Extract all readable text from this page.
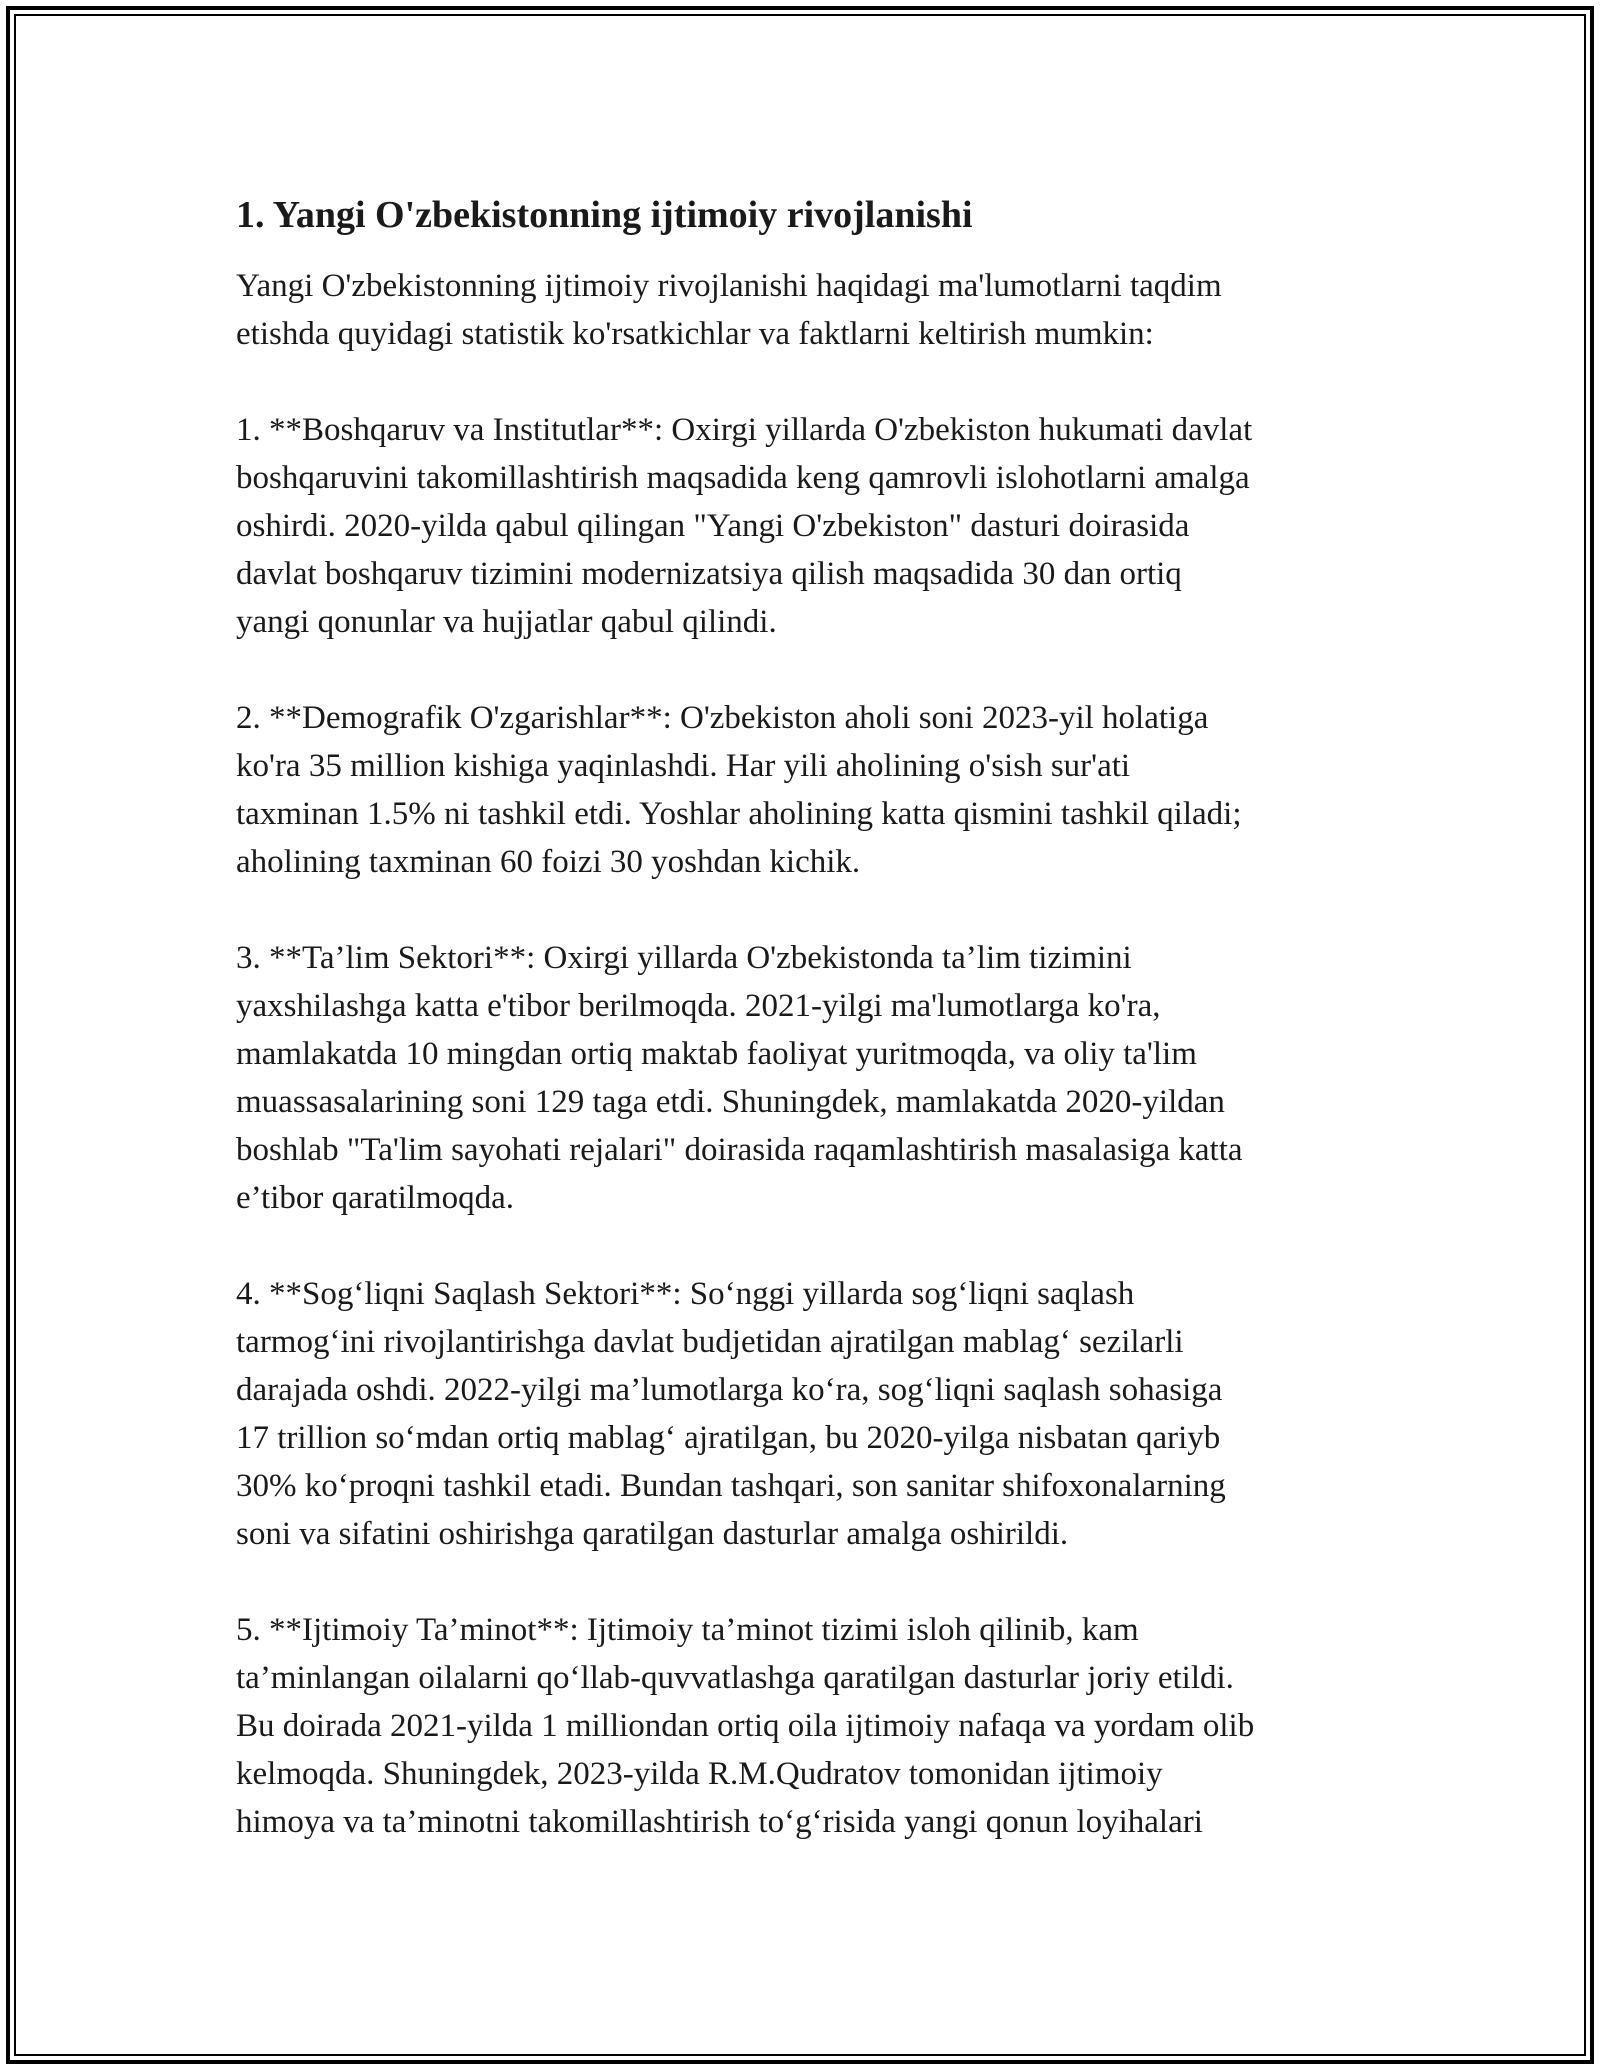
1. Yangi O'zbekistonning ijtimoiy rivojlanishi

Yangi O'zbekistonning ijtimoiy rivojlanishi haqidagi ma'lumotlarni taqdim
etishda quyidagi statistik ko'rsatkichlar va faktlarni keltirish mumkin:

1. **Boshqaruv va Institutlar**: Oxirgi yillarda O'zbekiston hukumati davlat
boshqaruvini takomillashtirish maqsadida keng qamrovli islohotlarni amalga
oshirdi. 2020-yilda qabul qilingan "Yangi O'zbekiston" dasturi doirasida
davlat boshqaruv tizimini modernizatsiya qilish maqsadida 30 dan ortiq
yangi qonunlar va hujjatlar qabul qilindi.

2. **Demografik O'zgarishlar**: O'zbekiston aholi soni 2023-yil holatiga
ko'ra 35 million kishiga yaqinlashdi. Har yili aholining o'sish sur'ati
taxminan 1.5% ni tashkil etdi. Yoshlar aholining katta qismini tashkil qiladi;
aholining taxminan 60 foizi 30 yoshdan kichik.

3. **Ta’lim Sektori**: Oxirgi yillarda O'zbekistonda ta’lim tizimini
yaxshilashga katta e'tibor berilmoqda. 2021-yilgi ma'lumotlarga ko'ra,
mamlakatda 10 mingdan ortiq maktab faoliyat yuritmoqda, va oliy ta'lim
muassasalarining soni 129 taga etdi. Shuningdek, mamlakatda 2020-yildan
boshlab "Ta'lim sayohati rejalari" doirasida raqamlashtirish masalasiga katta
e’tibor qaratilmoqda.

4. **Sog‘liqni Saqlash Sektori**: So‘nggi yillarda sog‘liqni saqlash
tarmog‘ini rivojlantirishga davlat budjetidan ajratilgan mablag‘ sezilarli
darajada oshdi. 2022-yilgi ma’lumotlarga ko‘ra, sog‘liqni saqlash sohasiga
17 trillion so‘mdan ortiq mablag‘ ajratilgan, bu 2020-yilga nisbatan qariyb
30% ko‘proqni tashkil etadi. Bundan tashqari, son sanitar shifoxonalarning
soni va sifatini oshirishga qaratilgan dasturlar amalga oshirildi.

5. **Ijtimoiy Ta’minot**: Ijtimoiy ta’minot tizimi isloh qilinib, kam
ta’minlangan oilalarni qo‘llab-quvvatlashga qaratilgan dasturlar joriy etildi.
Bu doirada 2021-yilda 1 milliondan ortiq oila ijtimoiy nafaqa va yordam olib
kelmoqda. Shuningdek, 2023-yilda R.M.Qudratov tomonidan ijtimoiy
himoya va ta’minotni takomillashtirish to‘g‘risida yangi qonun loyihalari
